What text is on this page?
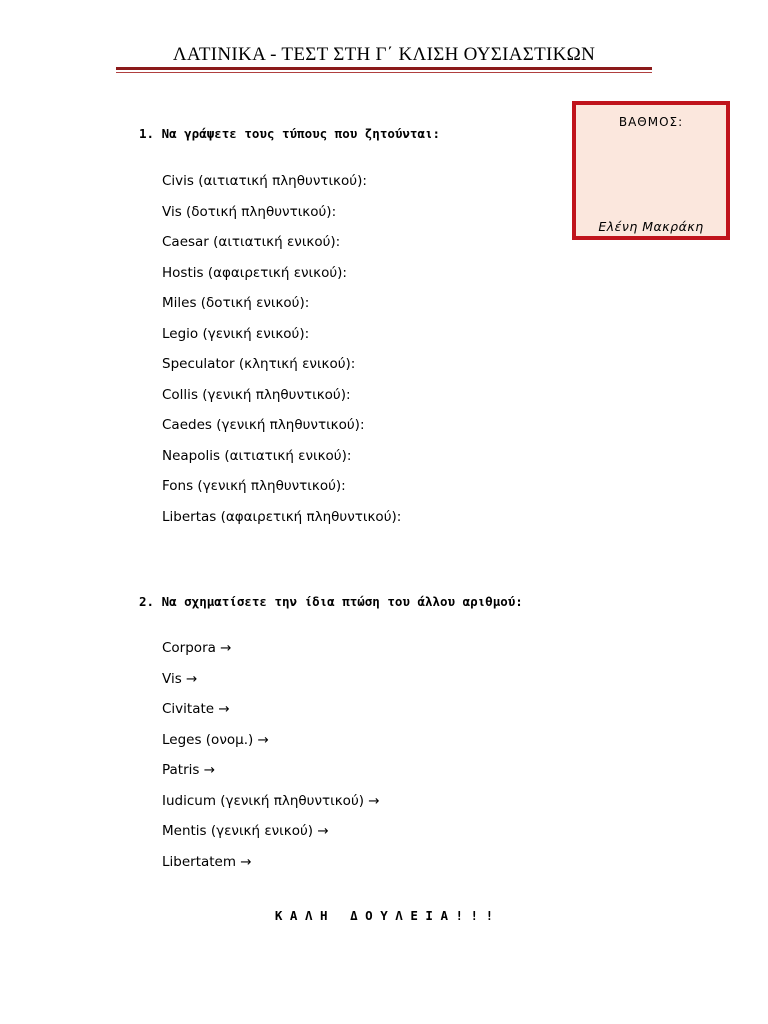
ΛΑΤΙΝΙΚΑ - ΤΕΣΤ ΣΤΗ Γ΄ ΚΛΙΣΗ ΟΥΣΙΑΣΤΙΚΩΝ
ΒΑΘΜΟΣ:
Ελένη Μακράκη
1. Να γράψετε τους τύπους που ζητούνται:
Civis (αιτιατική πληθυντικού):
Vis (δοτική πληθυντικού):
Caesar (αιτιατική ενικού):
Hostis (αφαιρετική ενικού):
Miles (δοτική ενικού):
Legio (γενική ενικού):
Speculator (κλητική ενικού):
Collis (γενική πληθυντικού):
Caedes (γενική πληθυντικού):
Neapolis (αιτιατική ενικού):
Fons (γενική πληθυντικού):
Libertas (αφαιρετική πληθυντικού):
2. Να σχηματίσετε την ίδια πτώση του άλλου αριθμού:
Corpora →
Vis →
Civitate →
Leges (ονομ.) →
Patris →
Iudicum (γενική πληθυντικού) →
Mentis (γενική ενικού) →
Libertatem →
Κ Α Λ Η   Δ Ο Υ Λ Ε Ι Α ! ! !
